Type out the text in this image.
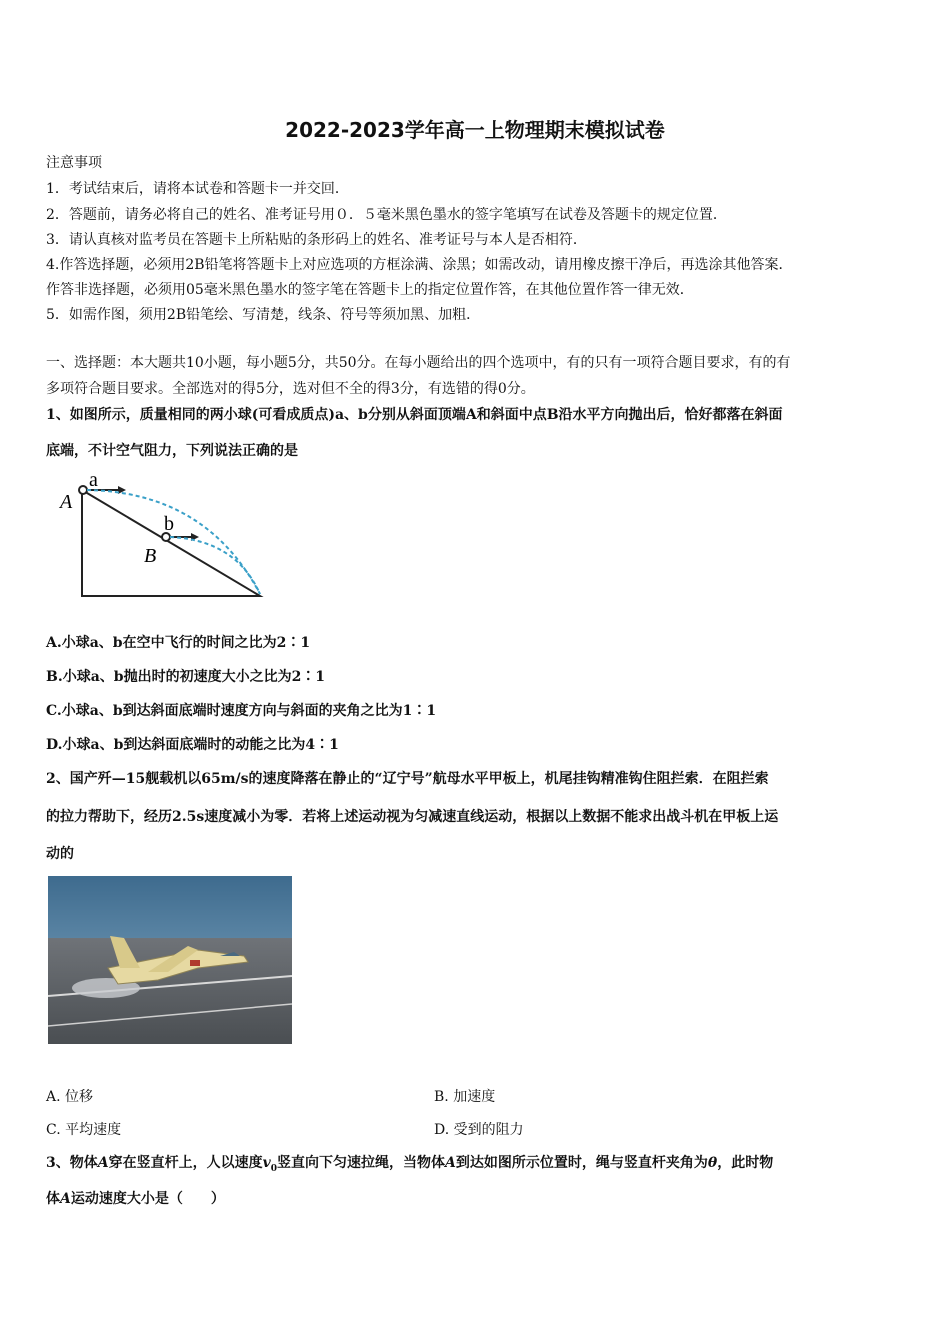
2022-2023学年高一上物理期末模拟试卷
注意事项
1．考试结束后，请将本试卷和答题卡一并交回．
2．答题前，请务必将自己的姓名、准考证号用０．５毫米黑色墨水的签字笔填写在试卷及答题卡的规定位置．
3．请认真核对监考员在答题卡上所粘贴的条形码上的姓名、准考证号与本人是否相符．
4.作答选择题，必须用2B铅笔将答题卡上对应选项的方框涂满、涂黑；如需改动，请用橡皮擦干净后，再选涂其他答案．
作答非选择题，必须用05毫米黑色墨水的签字笔在答题卡上的指定位置作答，在其他位置作答一律无效．
5．如需作图，须用2B铅笔绘、写清楚，线条、符号等须加黑、加粗．
一、选择题：本大题共10小题，每小题5分，共50分。在每小题给出的四个选项中，有的只有一项符合题目要求，有的有
多项符合题目要求。全部选对的得5分，选对但不全的得3分，有选错的得0分。
1、如图所示，质量相同的两小球(可看成质点)a、b分别从斜面顶端A和斜面中点B沿水平方向抛出后，恰好都落在斜面
底端，不计空气阻力，下列说法正确的是
a
A
b
B
A.小球a、b在空中飞行的时间之比为2∶1
B.小球a、b抛出时的初速度大小之比为2∶1
C.小球a、b到达斜面底端时速度方向与斜面的夹角之比为1∶1
D.小球a、b到达斜面底端时的动能之比为4∶1
2、国产歼—15舰载机以65m/s的速度降落在静止的“辽宁号”航母水平甲板上，机尾挂钩精准钩住阻拦索．在阻拦索
的拉力帮助下，经历2.5s速度减小为零．若将上述运动视为匀减速直线运动，根据以上数据不能求出战斗机在甲板上运
动的
A. 位移	B. 加速度
C. 平均速度	D. 受到的阻力
3、物体A穿在竖直杆上，人以速度$v_0$竖直向下匀速拉绳，当物体A到达如图所示位置时，绳与竖直杆夹角为θ，此时物
体A运动速度大小是（　　）
